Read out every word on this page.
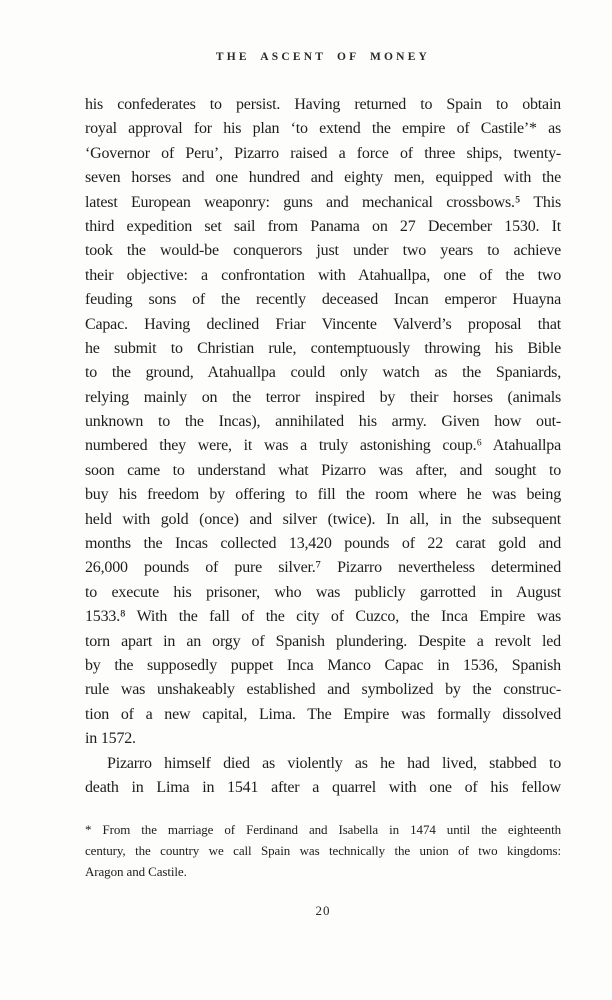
THE ASCENT OF MONEY
his confederates to persist. Having returned to Spain to obtain
royal approval for his plan ‘to extend the empire of Castile’* as
‘Governor of Peru’, Pizarro raised a force of three ships, twenty-
seven horses and one hundred and eighty men, equipped with the
latest European weaponry: guns and mechanical crossbows.⁵ This
third expedition set sail from Panama on 27 December 1530. It
took the would-be conquerors just under two years to achieve
their objective: a confrontation with Atahuallpa, one of the two
feuding sons of the recently deceased Incan emperor Huayna
Capac. Having declined Friar Vincente Valverd’s proposal that
he submit to Christian rule, contemptuously throwing his Bible
to the ground, Atahuallpa could only watch as the Spaniards,
relying mainly on the terror inspired by their horses (animals
unknown to the Incas), annihilated his army. Given how out-
numbered they were, it was a truly astonishing coup.⁶ Atahuallpa
soon came to understand what Pizarro was after, and sought to
buy his freedom by offering to fill the room where he was being
held with gold (once) and silver (twice). In all, in the subsequent
months the Incas collected 13,420 pounds of 22 carat gold and
26,000 pounds of pure silver.⁷ Pizarro nevertheless determined
to execute his prisoner, who was publicly garrotted in August
1533.⁸ With the fall of the city of Cuzco, the Inca Empire was
torn apart in an orgy of Spanish plundering. Despite a revolt led
by the supposedly puppet Inca Manco Capac in 1536, Spanish
rule was unshakeably established and symbolized by the construc-
tion of a new capital, Lima. The Empire was formally dissolved
in 1572.
Pizarro himself died as violently as he had lived, stabbed to
death in Lima in 1541 after a quarrel with one of his fellow
* From the marriage of Ferdinand and Isabella in 1474 until the eighteenth
century, the country we call Spain was technically the union of two kingdoms:
Aragon and Castile.
20
